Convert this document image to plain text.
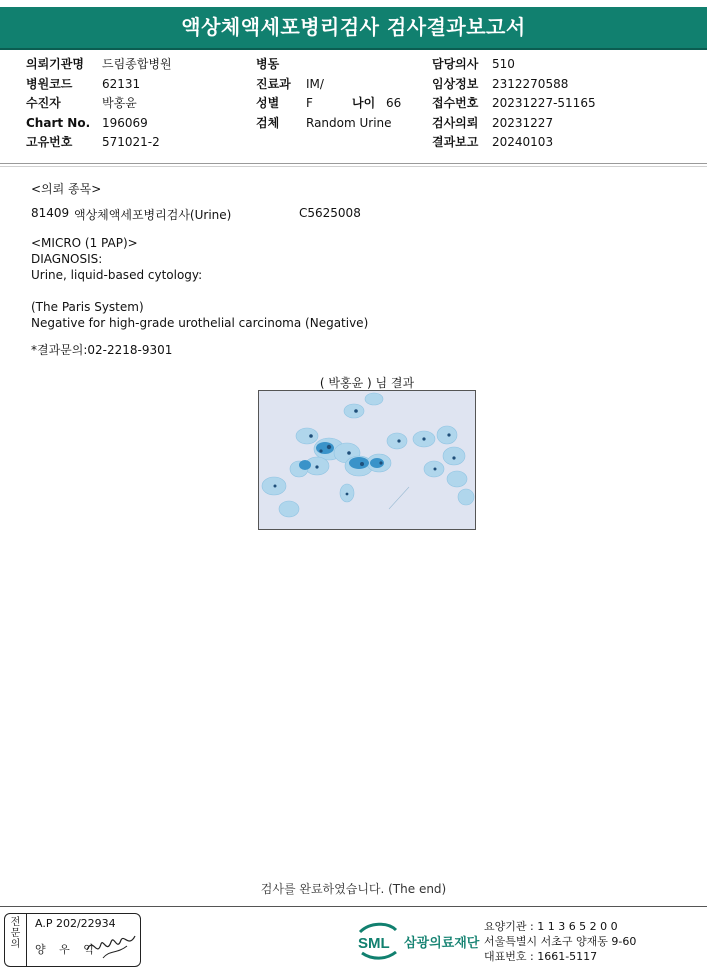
액상체액세포병리검사 검사결과보고서
의뢰기관명 드림종합병원
병원코드 62131
수진자	박홍윤
Chart No. 196069
고유번호 571021-2
병동
진료과 IM/
성별 F	나이 66
검체 Random Urine
담당의사 510
임상정보 2312270588
접수번호 20231227-51165
검사의뢰 20231227
결과보고 20240103
<의뢰 종목>
81409 액상체액세포병리검사(Urine)	C5625008
<MICRO (1 PAP)>
DIAGNOSIS:
Urine, liquid-based cytology:
(The Paris System)
Negative for high-grade urothelial carcinoma (Negative)
*결과문의:02-2218-9301
( 박홍윤 ) 님 결과
검사를 완료하였습니다. (The end)
전
문
의
A.P 202/22934
양 우 익	SML 삼광의료재단
요양기관 : 1 1 3 6 5 2 0 0
서울특별시 서초구 양재동 9-60
대표번호 : 1661-5117
